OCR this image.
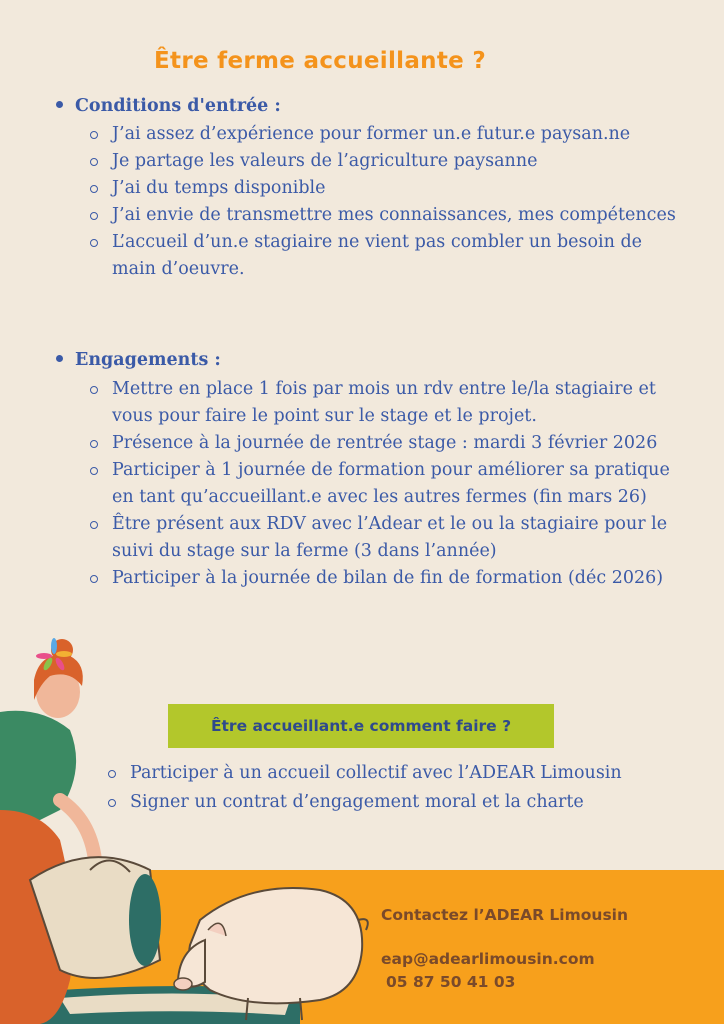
Être ferme accueillante ?
Conditions d'entrée :
J’ai assez d’expérience pour former un.e futur.e paysan.ne
Je partage les valeurs de l’agriculture paysanne
J’ai du temps disponible
J’ai envie de transmettre mes connaissances, mes compétences
L’accueil d’un.e stagiaire ne vient pas combler un besoin de main d’oeuvre.
Engagements :
Mettre en place 1 fois par mois un rdv entre le/la stagiaire et vous pour faire le point sur le stage et le projet.
Présence à la journée de rentrée stage : mardi 3 février 2026
Participer à 1 journée de formation pour améliorer sa pratique en tant qu’accueillant.e avec les autres fermes (fin mars 26)
Être présent aux RDV avec l’Adear et le ou la stagiaire pour le suivi du stage sur la ferme (3 dans l’année)
Participer à la journée de bilan de fin de formation (déc 2026)
Être accueillant.e comment faire ?
Participer à un accueil collectif avec l’ADEAR Limousin
Signer un contrat d’engagement moral et la charte
Contactez l’ADEAR Limousin
eap@adearlimousin.com
05 87 50 41 03
